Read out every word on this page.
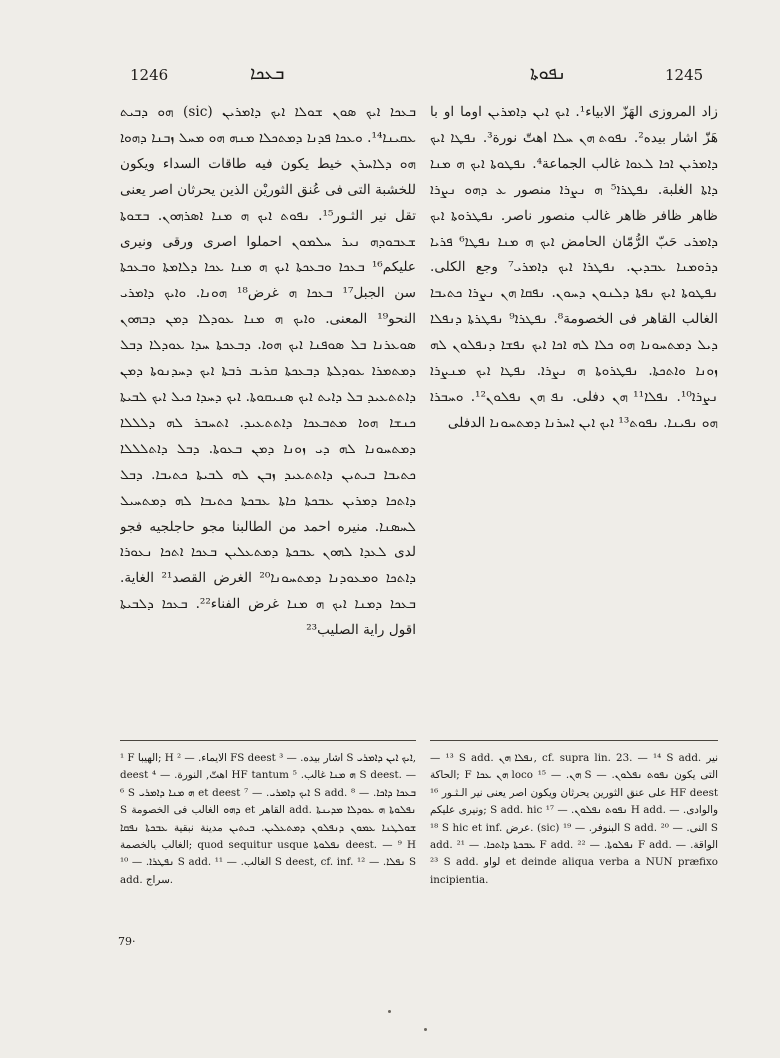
1246	ܒܥܟܐ	ܢܦܘܬܐ	1245

ܒܥܟܐ ܐܝܟ ܣܘܢ ܫܘܠܐ ܐܝܟ ܕܐܡܪܝܢ (sic) ܗܘ ܕܒܝܬ ܥܩܝܢܐ¹⁴. ܘܥܟܐ ܦܕܢܐ ܕܡܬܟܠܐ ܡܢܗ ܗܘ ܡܚܠ ܙܒܢܐ ܕܗܘܐ ܗܘ ܕܠܐܚܪܢ خيط يكون فيه طاقات السداء ويكون للخشبة التى فى عُنق الثوريْن الذين يحرثان اصر يعنى تقل نير الثـور¹⁵. ܢܦܘܬ ܐܝܟ ܗ ܡܢܐ ܐܣܪܗܘܢ. ܒܫܘܬܐ ܫܥܒܘܕܗ ܢܝܪ ܚܠܡܘܢ احملوا اصرى ورقى ونيرى عليكم¹⁶ ܒܥܟܐ ܘܒܥܟܬܐ ܐܝܟ ܗ ܡܢܐ ܥܟܐ ܕܠܐܡܬܐ ܘܒܥܟܬܐ سن الجبل¹⁷ ܒܥܟܐ ܗ غرض¹⁸ ܗܘܢܐ. ܘܐܝܟ ܕܐܡܪܝ النحو¹⁹ المعنى. ܘܐܝܟ ܗ ܡܢܐ ܥܘܕܠܐ ܕܡܢ ܕܒܗܘܢ ܣܘܥܪܢܐ ܒܠ ܣܘܦܢܐ ܐܝܟ ܗܘܐ. ܕܒܥܟܬܐ ܚܕܐ ܥܘܕܠܐ ܕܒܠ ܕܡܬܡܪܐ ܥܘܕܠܬܐ ܕܒܥܟܬܐ ܩܪܝܒ ܪܒܬܐ ܐܝܟ ܕܚܕܢܘܬܐ ܕܡܢ ܕܐܬܬܥܝܕ ܒܠ ܕܐܝܬ ܐܝܟ ܣܢܝܩܘܬܐ. ܐܝܟ ܕܚܕܐ ܟܝܠ ܐܝܟ ܠܒܝܬܐ ܟܢܫܐ ܗܘܐ ܡܬܒܥܟܐ ܕܐܬܬܥܝܕ. ܐܬܚܒܪ ܠܗ ܕܠܠܠܐ ܕܡܬܚܘܢܐ ܠܗ ܕܝ ܙܘܢܐ ܕܡܢ ܒܥܘܬܐ. ܕܒܠ ܕܐܬܠܠܠܐ ܟܬܝܒܐ ܒܝܬܝܢ ܕܐܬܬܥܝܕ ܙܒܢ ܠܗ ܠܒܝܬܐ ܟܬܝܒܐ. ܕܒܠ ܕܐܬܟܐ ܕܡܪܝܢ ܥܒܟܬܐ ܟܐܬܐ ܥܒܟܬܐ ܟܬܝܒܐ ܠܗ ܕܡܬܚܝܠ ܠܚܣܢܐ. منيره احمد من الطالبنا مجو حاجلجيه فجو لدى ܠܥܕܐ ܠܗܘܢ ܥܒܟܬܐ ܕܡܬܥܠܝܢ ܒܥܟܐ ܐܬܟܐ ܢܥܘܪܐ ܕܐܬܟܐ ܘܡܥܘܕܢܐ ܕܡܬܚܘܢܐ²⁰ الغرض القصد²¹ الغاية. ܒܥܟܐ ܕܡܢܐ ܐܝܟ ܗ ܡܢܐ غرض الفناء²². ܒܥܟܐ ܕܠܒܝܬܐ اقول راية الصليب²³

زاد المروزى الهَزّ الابياء¹. ܐܝܟ ܐܝܢ ܕܐܡܪܝܢ اوما او با هَزّ اشار بيده². ܢܦܘܬ ܗܢ ܚܠܐ اهتّ نورة³. ܢܦܛܐ ܐܝܟ ܕܐܡܪܝܢ ܐܟܐ ܠܥܘܐ غالب الجماعة⁴. ܢܦܛܘܬܐ ܐܝܟ ܗ ܡܢܐ ܕܐܬܐ الغلبة. ܢܦܛܪܐ⁵ ܗ ܢܨܪܐ منصور ܥ ܕܗܘ ܢܨܪܐ ظاهر ظافر ظاهر غالب منصور ناصر. ܢܦܛܪܘܬܐ ܐܝܟ ܕܐܡܪܝ حَبّ الرُّمّان الحامض ܐܝܟ ܗ ܡܢܐ ܢܦܛܐ⁶ ܦܪܝܐ ܕܪܘܡܢܐ ܥܒܕܝܢ. ܢܦܛܪܐ ܐܝܟ ܕܐܡܪܝ⁷ وجع الكلى. ܢܦܛܘܬܐ ܐܝܟ ܢܦܬܐ ܕܠܢܘܢ ܕܚܘܢ. ܢܦܩܐ ܗܢ ܢܨܪܐ ܟܬܝܒܐ الغالب القاهر فى الخصومة⁸. ܢܦܛܪܐ⁹ ܢܦܛܪܬܐ ܕܢܦܠܐ ܕܝܠ ܕܡܬܚܘܢܐ ܗܘ ܟܠܐ ܠܗ ܐܟܐ ܐܝܟ ܢܦܫܐ ܕܢܦܠܘܢ ܠܗ ܙܘܢܐ ܘܐܬܟܬܐ. ܢܦܛܪܘܬܐ ܗ ܢܨܪܐ. ܢܦܛܐ ܐܝܟ ܡܢܨܪܐ ܢܨܪܐ¹⁰. ܢܦܠܐ¹¹ ܗܢ دفلى. ܢܦ ܗܢ ܢܦܠܘܢ¹². ܘܚܒܪܐ ܗܘ ܢܦܝܢܐ. ܢܦܘܬ¹³ ܐܝܟ ܐܝܢ ܐܚܪܢܐ ܕܡܬܚܘܢܐ الدفلى

¹ F الهيبا; H الايماء. — ² FS deest اشار بيده. — ³ S ܐܝܟ ܐܝܢ ܕܐܡܪܝ, deest اهتّ, النورة. — ⁴ HF tantum ܗ ܡܢܐ غالب. ⁵ S deest. — ⁶ S ܗ ܡܢܐ ܕܐܡܪܝ et deest ܐܝܟ ܕܐܡܪܝ. — ⁷ S add. ܒܥܟܐ ܕܐܟܐ. — ⁸ S ܕܗܘ الغالب فى الخصومة et القاهر add. ܢܦܠܘܬܐ ܗ ܥܘܕܠܐ ܡܕܝܢܬܐ ܫܘܠܛܢܐ ܥܡܘܢ ܕܢܦܠܘܢ ܕܡܬܥܠܝܢ. ܒܝܬܝܢ مدينة نبقية ܥܒܟܬܐ ܢܦܩܐ الغالب بالخصمة; quod sequitur usque ܢܦܠܘܬܐ deest. — ⁹ H ܢܦܛܪܐ. — ¹⁰ S add. الغالب. — ¹¹ S deest, cf. inf. ܢܦܠܐ. — ¹² S add. سراج.

— ¹³ S add. ܢܦܠܐ ܗܢ, cf. supra lin. 23. — ¹⁴ S add. نير الحاكة; F ܗܢ ܥܟܐ loco ܗܢ. — ¹⁵ S التى يكون ܢܦܘܬ ܢܦܠܘܢ. — على عنق الثورين يحرثان ويكون اصر يعنى نير الـثـور ¹⁶ HF deest ونيرى عليكم; S add. hic ܢܦܘܬ ܢܦܠܘܢ. — ¹⁷ H add. والوادى. — ¹⁸ S hic et inf. عرض. (sic) البنوفر. — ¹⁹ S add. النى. — ²⁰ S add. ܥܒܟܬܐ ܕܐܬܟܐ. — ²¹ F add. ܢܦܠܘܬܐ. — ²² F add. الواقة. — ²³ S add. لواو et deinde aliqua verba a NUN præfixo incipientia.

79·
